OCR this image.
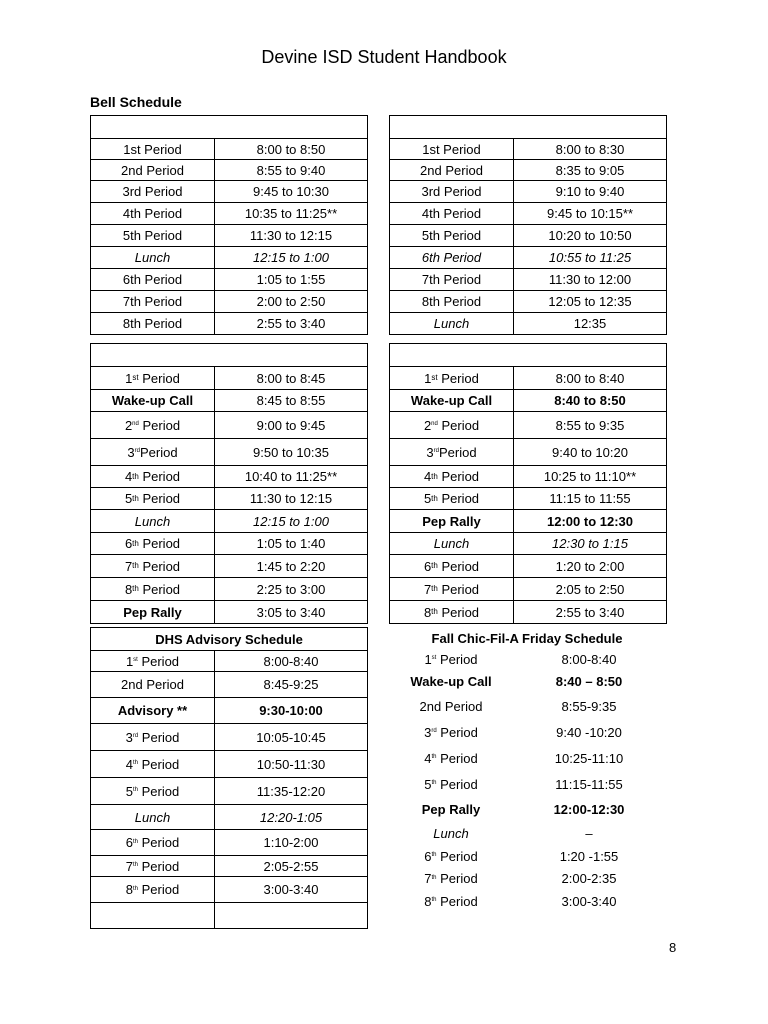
Devine ISD Student Handbook
Bell Schedule
1st Period	8:00 to 8:50
2nd Period	8:55 to 9:40
3rd Period	9:45 to 10:30
4th Period	10:35 to 11:25**
5th Period	11:30 to 12:15
Lunch	12:15 to 1:00
6th Period	1:05 to 1:55
7th Period	2:00 to 2:50
8th Period	2:55 to 3:40
1st Period	8:00 to 8:30
2nd Period	8:35 to 9:05
3rd Period	9:10 to 9:40
4th Period	9:45 to 10:15**
5th Period	10:20 to 10:50
6th Period	10:55 to 11:25
7th Period	11:30 to 12:00
8th Period	12:05 to 12:35
Lunch	12:35
1 st Period	8:00 to 8:45
Wake-up Call	8:45 to 8:55
2 nd Period	9:00 to 9:45
3 rd Period	9:50 to 10:35
4 th Period	10:40 to 11:25**
5 th Period	11:30 to 12:15
Lunch	12:15 to 1:00
6 th Period	1:05 to 1:40
7 th Period	1:45 to 2:20
8 th Period	2:25 to 3:00
Pep Rally	3:05 to 3:40
1 st Period	8:00 to 8:40
Wake-up Call	8:40 to 8:50
2 nd Period	8:55 to 9:35
3 rd Period	9:40 to 10:20
4 th Period	10:25 to 11:10**
5 th Period	11:15 to 11:55
Pep Rally	12:00 to 12:30
Lunch	12:30 to 1:15
6 th Period	1:20 to 2:00
7 th Period	2:05 to 2:50
8 th Period	2:55 to 3:40
DHS Advisory Schedule
1 st Period	8:00-8:40
2nd Period	8:45-9:25
Advisory **	9:30-10:00
3 rd Period	10:05-10:45
4 th Period	10:50-11:30
5 th Period	11:35-12:20
Lunch	12:20-1:05
6 th Period	1:10-2:00
7 th Period	2:05-2:55
8 th Period	3:00-3:40
Fall Chic-Fil-A Friday Schedule
1 st Period	8:00-8:40
Wake-up Call	8:40 – 8:50
2nd Period	8:55-9:35
3 rd Period	9:40 -10:20
4 th Period	10:25-11:10
5 th Period	11:15-11:55
Pep Rally	12:00-12:30
Lunch	–
6 th Period	1:20 -1:55
7 th Period	2:00-2:35
8 th Period	3:00-3:40
8
